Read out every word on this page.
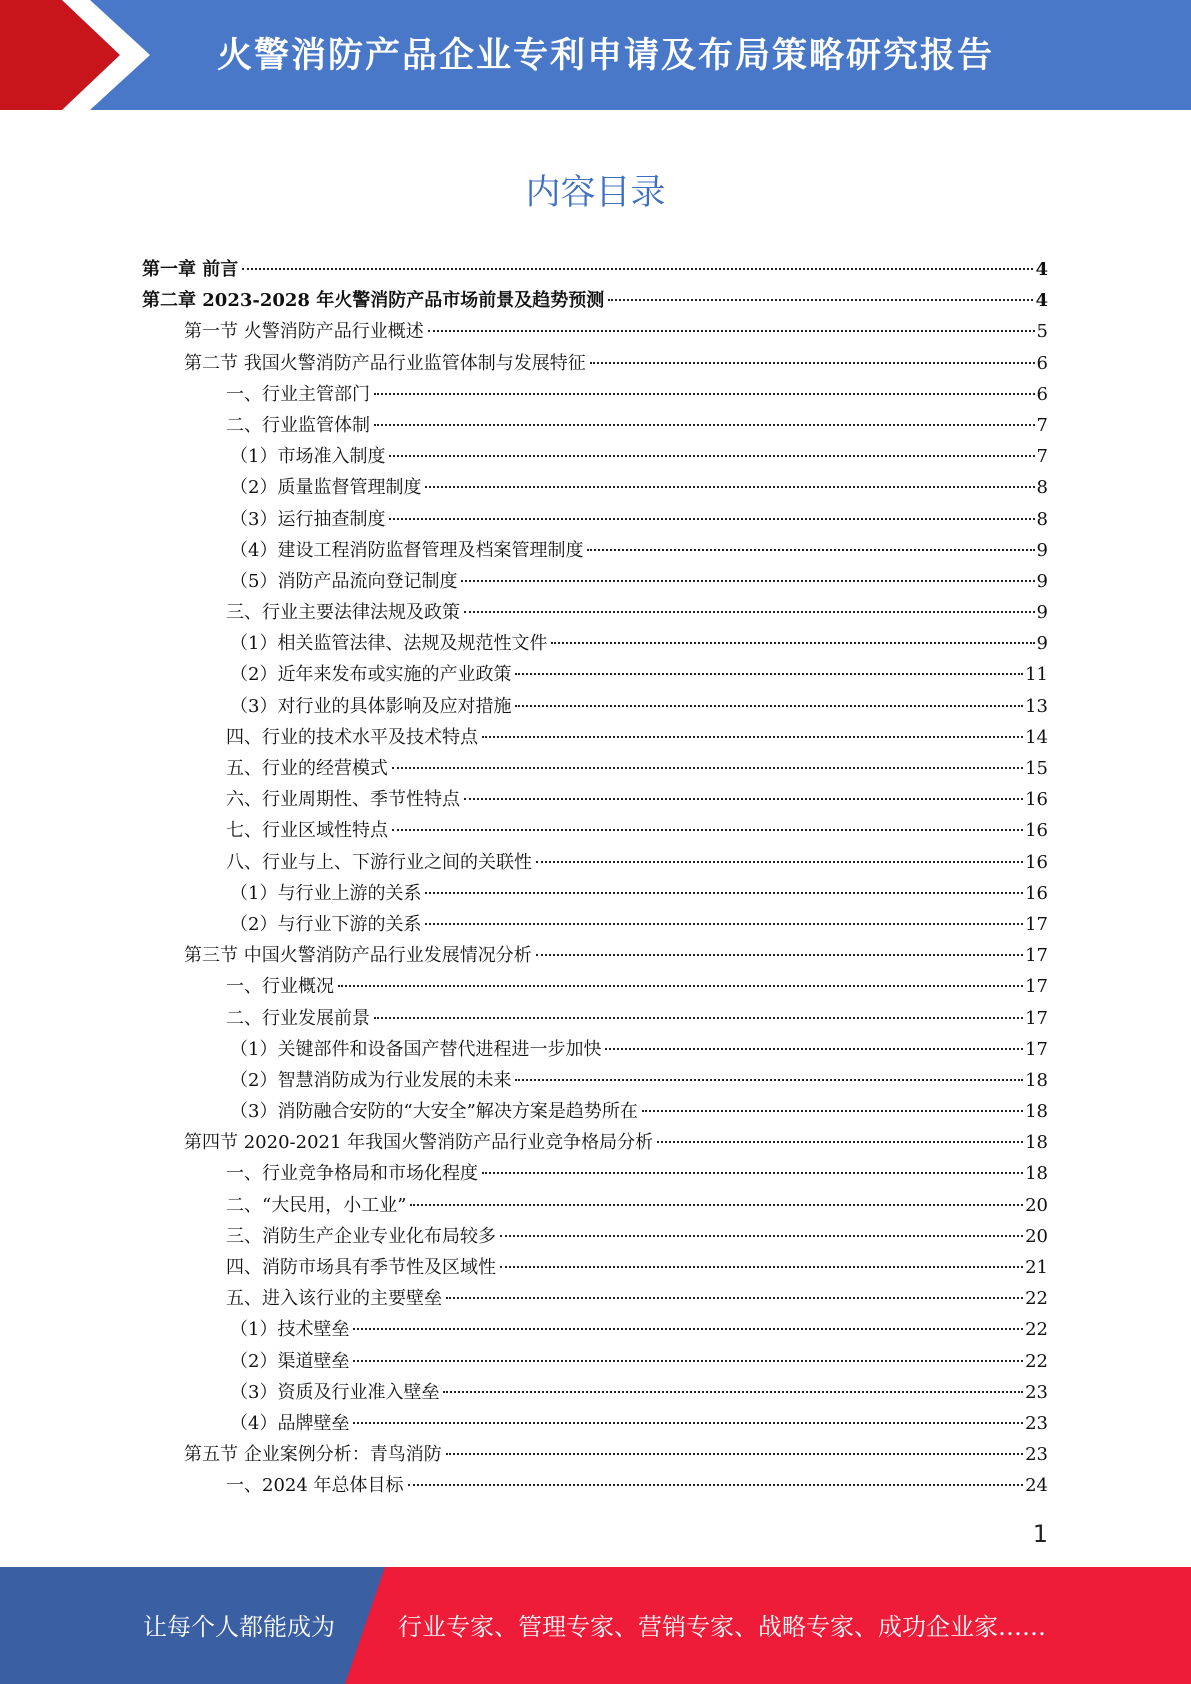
火警消防产品企业专利申请及布局策略研究报告
内容目录
第一章 前言	4
第二章 2023-2028 年火警消防产品市场前景及趋势预测	4
第一节 火警消防产品行业概述	5
第二节 我国火警消防产品行业监管体制与发展特征	6
一、行业主管部门	6
二、行业监管体制	7
（1）市场准入制度	7
（2）质量监督管理制度	8
（3）运行抽查制度	8
（4）建设工程消防监督管理及档案管理制度	9
（5）消防产品流向登记制度	9
三、行业主要法律法规及政策	9
（1）相关监管法律、法规及规范性文件	9
（2）近年来发布或实施的产业政策	11
（3）对行业的具体影响及应对措施	13
四、行业的技术水平及技术特点	14
五、行业的经营模式	15
六、行业周期性、季节性特点	16
七、行业区域性特点	16
八、行业与上、下游行业之间的关联性	16
（1）与行业上游的关系	16
（2）与行业下游的关系	17
第三节 中国火警消防产品行业发展情况分析	17
一、行业概况	17
二、行业发展前景	17
（1）关键部件和设备国产替代进程进一步加快	17
（2）智慧消防成为行业发展的未来	18
（3）消防融合安防的“大安全”解决方案是趋势所在	18
第四节 2020-2021 年我国火警消防产品行业竞争格局分析	18
一、行业竞争格局和市场化程度	18
二、“大民用，小工业”	20
三、消防生产企业专业化布局较多	20
四、消防市场具有季节性及区域性	21
五、进入该行业的主要壁垒	22
（1）技术壁垒	22
（2）渠道壁垒	22
（3）资质及行业准入壁垒	23
（4）品牌壁垒	23
第五节 企业案例分析：青鸟消防	23
一、2024 年总体目标	24
1
让每个人都能成为	行业专家、管理专家、营销专家、战略专家、成功企业家……
